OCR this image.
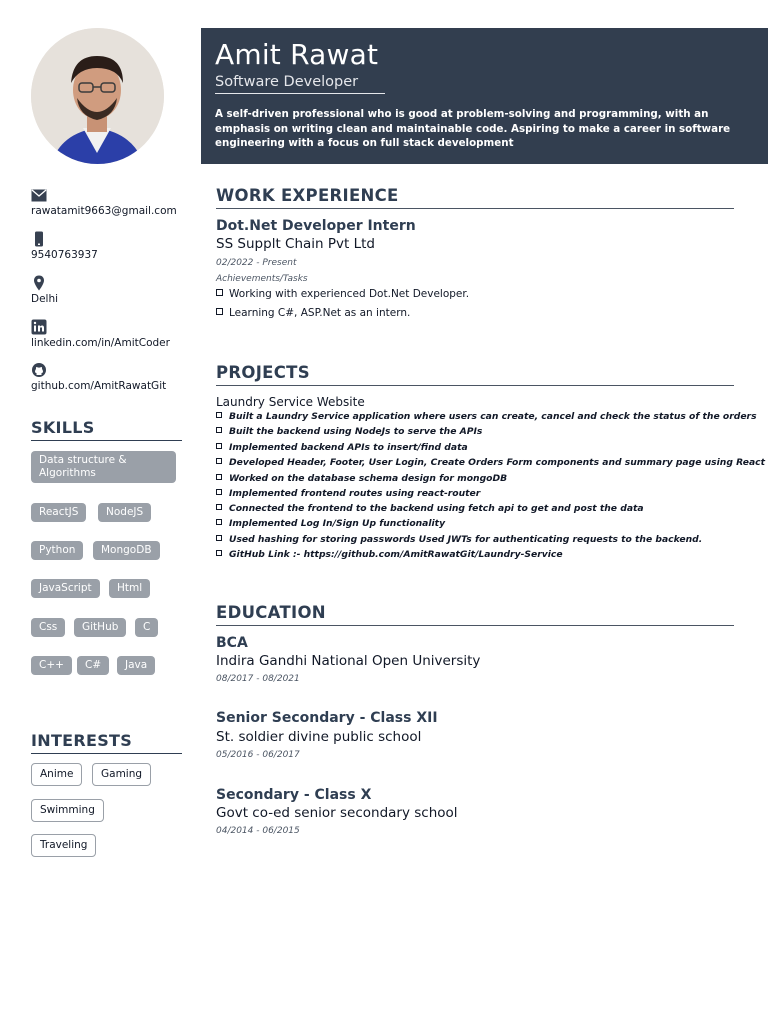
rawatamit9663@gmail.com
9540763937
Delhi
linkedin.com/in/AmitCoder
github.com/AmitRawatGit
SKILLS
Data structure & Algorithms
ReactJS	NodeJS
Python	MongoDB
JavaScript	Html
Css	GitHub	C
C++	C#	Java
INTERESTS
Anime	Gaming
Swimming
Traveling
Amit Rawat
Software Developer
A self-driven professional who is good at problem-solving and programming, with an emphasis on writing clean and maintainable code. Aspiring to make a career in software engineering with a focus on full stack development
WORK EXPERIENCE
Dot.Net Developer Intern
SS Supplt Chain Pvt Ltd
02/2022 - Present
Achievements/Tasks
Working with experienced Dot.Net Developer.
Learning C#, ASP.Net as an intern.
PROJECTS
Laundry Service Website
Built a Laundry Service application where users can create, cancel and check the status of the orders
Built the backend using NodeJs to serve the APIs
Implemented backend APIs to insert/find data
Developed Header, Footer, User Login, Create Orders Form components and summary page using React
Worked on the database schema design for mongoDB
Implemented frontend routes using react-router
Connected the frontend to the backend using fetch api to get and post the data
Implemented Log In/Sign Up functionality
Used hashing for storing passwords Used JWTs for authenticating requests to the backend.
GitHub Link :- https://github.com/AmitRawatGit/Laundry-Service
EDUCATION
BCA
Indira Gandhi National Open University
08/2017 - 08/2021
Senior Secondary - Class XII
St. soldier divine public school
05/2016 - 06/2017
Secondary - Class X
Govt co-ed senior secondary school
04/2014 - 06/2015
